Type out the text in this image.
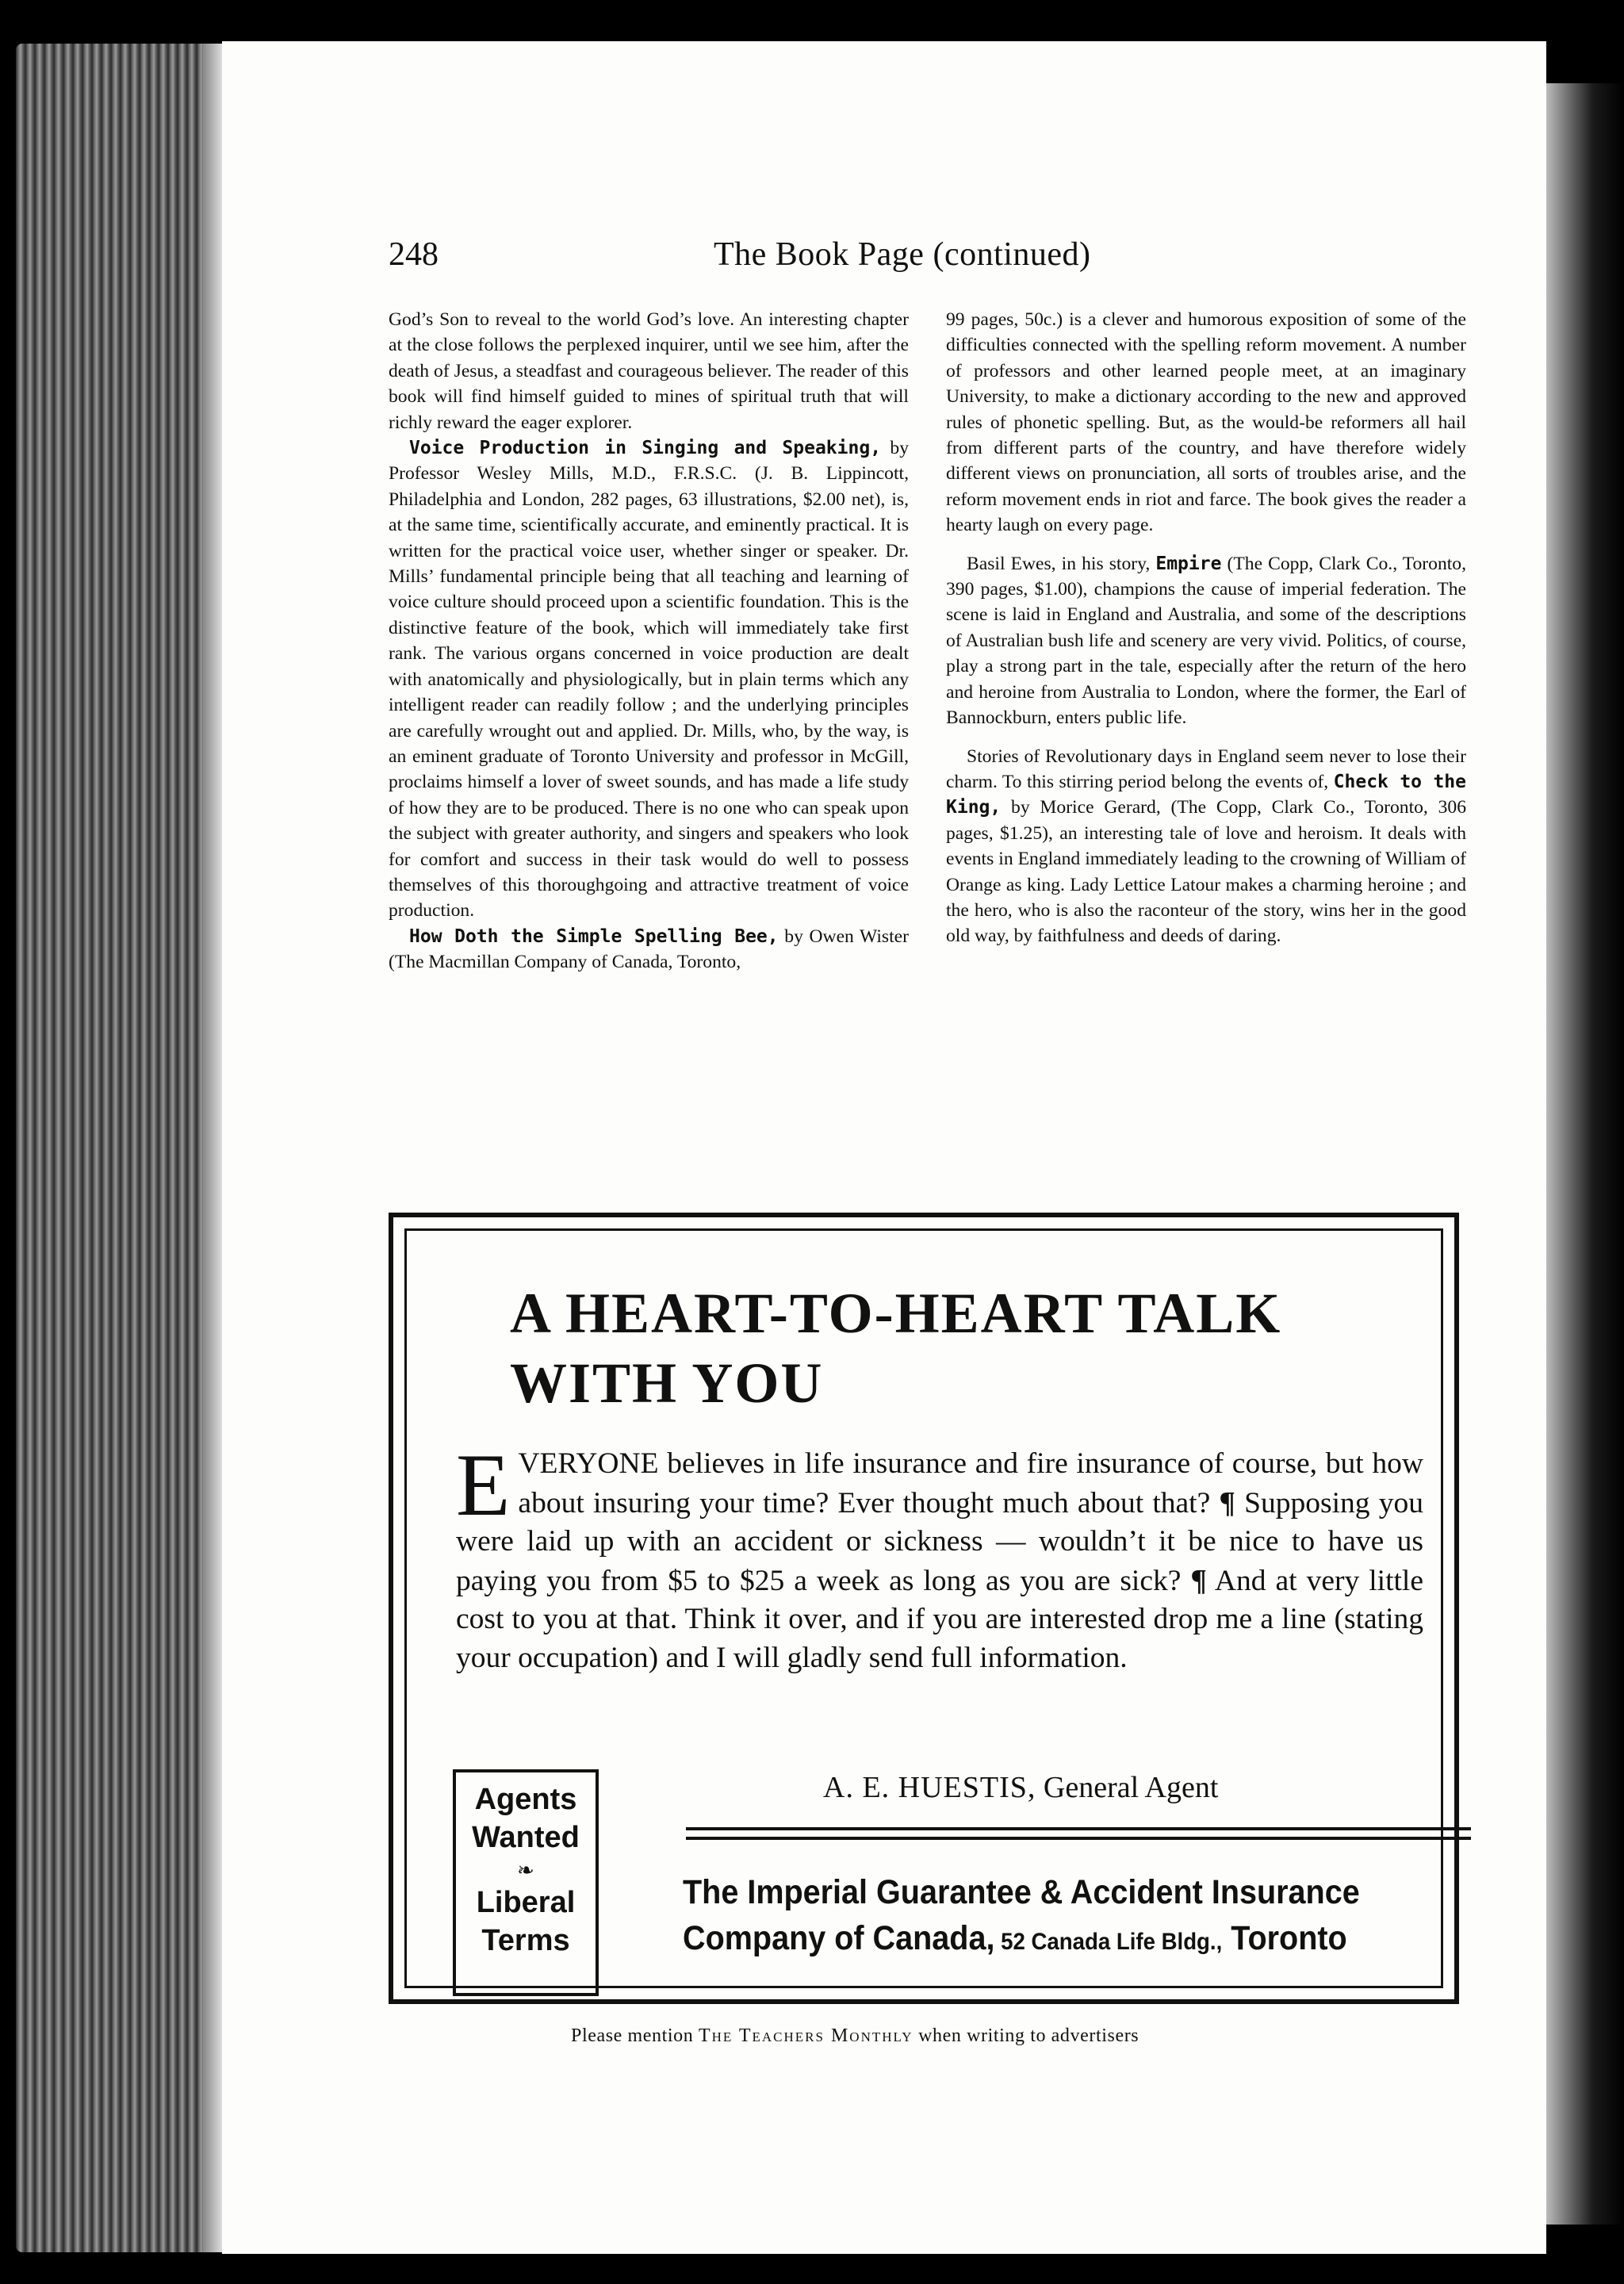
248	The Book Page (continued)

God’s Son to reveal to the world God’s love. An interesting chapter at the close follows the perplexed inquirer, until we see him, after the death of Jesus, a steadfast and courageous believer. The reader of this book will find himself guided to mines of spiritual truth that will richly reward the eager explorer.

Voice Production in Singing and Speaking, by Professor Wesley Mills, M.D., F.R.S.C. (J. B. Lippincott, Philadelphia and London, 282 pages, 63 illustrations, $2.00 net), is, at the same time, scientifically accurate, and eminently practical. It is written for the practical voice user, whether singer or speaker. Dr. Mills’ fundamental principle being that all teaching and learning of voice culture should proceed upon a scientific foundation. This is the distinctive feature of the book, which will immediately take first rank. The various organs concerned in voice production are dealt with anatomically and physiologically, but in plain terms which any intelligent reader can readily follow ; and the underlying principles are carefully wrought out and applied. Dr. Mills, who, by the way, is an eminent graduate of Toronto University and professor in McGill, proclaims himself a lover of sweet sounds, and has made a life study of how they are to be produced. There is no one who can speak upon the subject with greater authority, and singers and speakers who look for comfort and success in their task would do well to possess themselves of this thoroughgoing and attractive treatment of voice production.

How Doth the Simple Spelling Bee, by Owen Wister (The Macmillan Company of Canada, Toronto,

99 pages, 50c.) is a clever and humorous exposition of some of the difficulties connected with the spelling reform movement. A number of professors and other learned people meet, at an imaginary University, to make a dictionary according to the new and approved rules of phonetic spelling. But, as the would-be reformers all hail from different parts of the country, and have therefore widely different views on pronunciation, all sorts of troubles arise, and the reform movement ends in riot and farce. The book gives the reader a hearty laugh on every page.

Basil Ewes, in his story, Empire (The Copp, Clark Co., Toronto, 390 pages, $1.00), champions the cause of imperial federation. The scene is laid in England and Australia, and some of the descriptions of Australian bush life and scenery are very vivid. Politics, of course, play a strong part in the tale, especially after the return of the hero and heroine from Australia to London, where the former, the Earl of Bannockburn, enters public life.

Stories of Revolutionary days in England seem never to lose their charm. To this stirring period belong the events of, Check to the King, by Morice Gerard, (The Copp, Clark Co., Toronto, 306 pages, $1.25), an interesting tale of love and heroism. It deals with events in England immediately leading to the crowning of William of Orange as king. Lady Lettice Latour makes a charming heroine ; and the hero, who is also the raconteur of the story, wins her in the good old way, by faithfulness and deeds of daring.

A HEART-TO-HEART TALK
WITH YOU
EVERYONE believes in life insurance and fire insurance of course, but how about insuring your time? Ever thought much about that? ¶ Supposing you were laid up with an accident or sickness — wouldn’t it be nice to have us paying you from $5 to $25 a week as long as you are sick? ¶ And at very little cost to you at that. Think it over, and if you are interested drop me a line (stating your occupation) and I will gladly send full information.
Agents
Wanted
❧
Liberal
Terms
A. E. HUESTIS, General Agent
The Imperial Guarantee & Accident Insurance
Company of Canada, 52 Canada Life Bldg., Toronto
Please mention The Teachers Monthly when writing to advertisers
